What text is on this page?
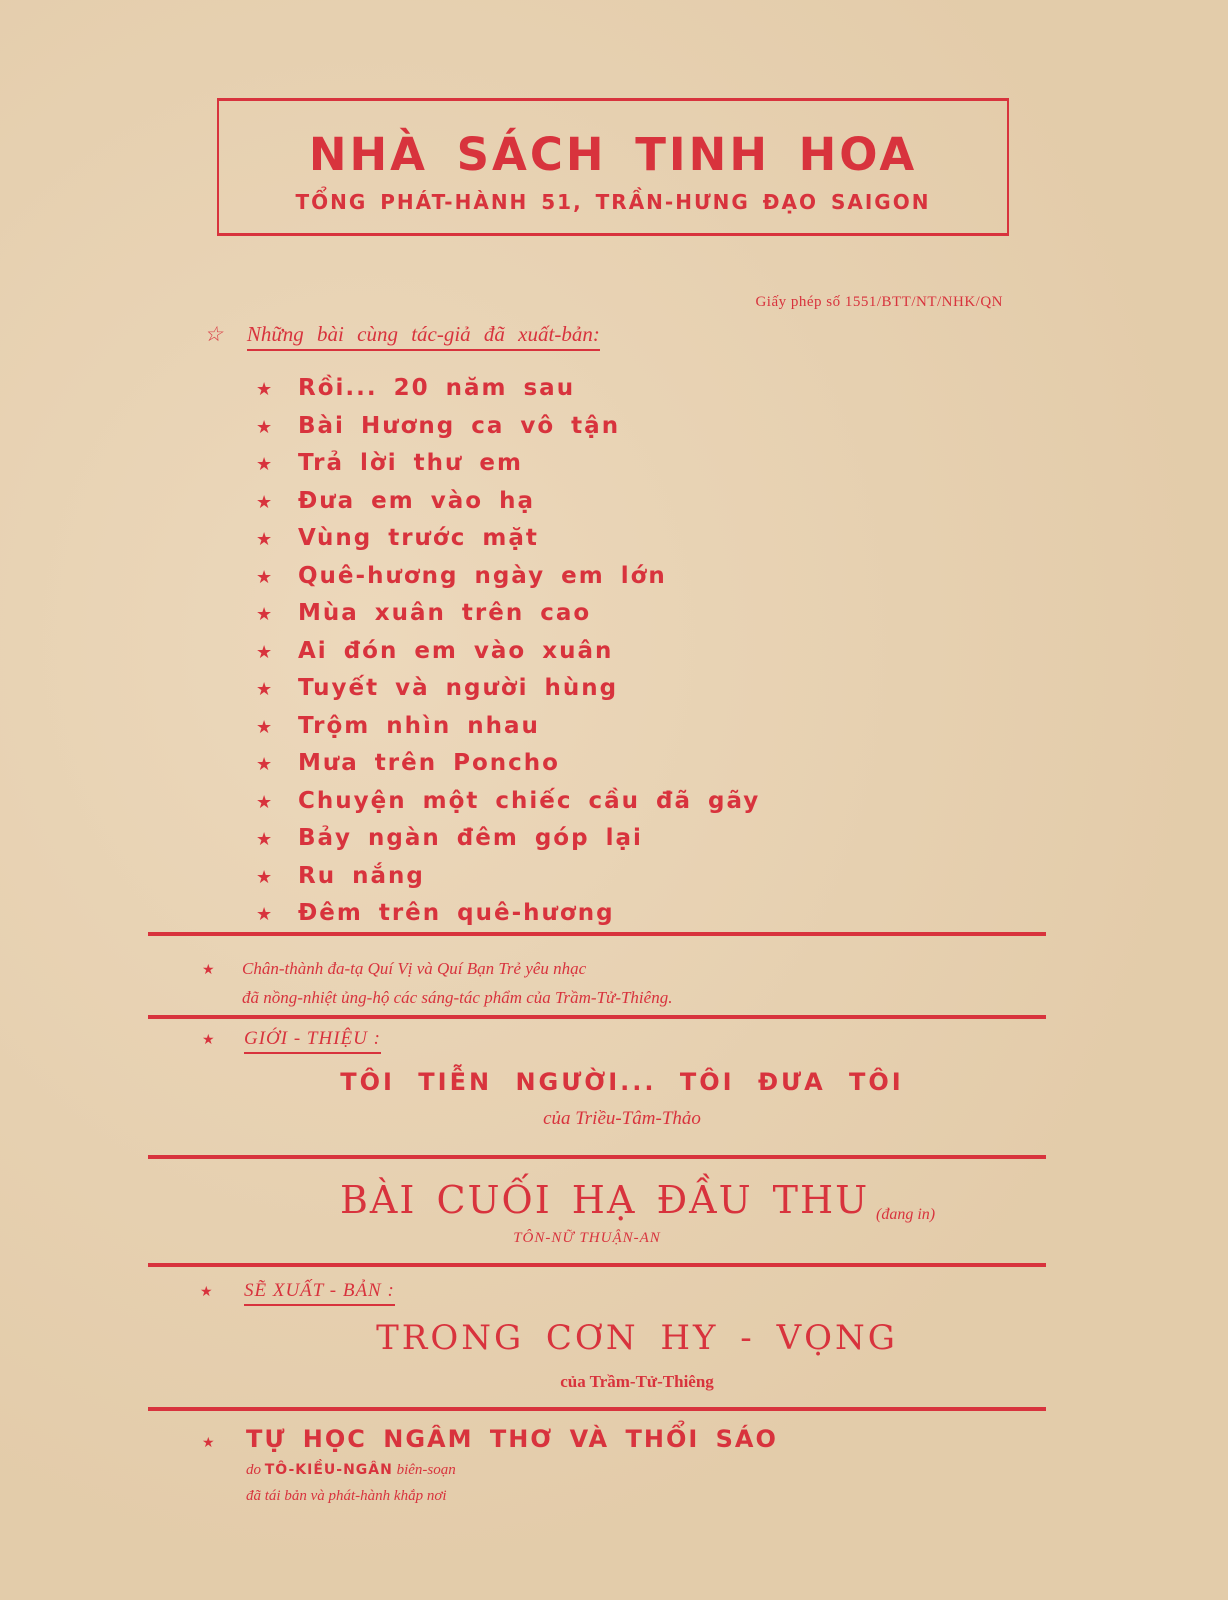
NHÀ SÁCH TINH HOA
TỔNG PHÁT-HÀNH 51, TRẦN-HƯNG ĐẠO SAIGON
Giấy phép số 1551/BTT/NT/NHK/QN
☆ Những bài cùng tác-giả đã xuất-bản:
★ Rồi... 20 năm sau
★ Bài Hương ca vô tận
★ Trả lời thư em
★ Đưa em vào hạ
★ Vùng trước mặt
★ Quê-hương ngày em lớn
★ Mùa xuân trên cao
★ Ai đón em vào xuân
★ Tuyết và người hùng
★ Trộm nhìn nhau
★ Mưa trên Poncho
★ Chuyện một chiếc cầu đã gãy
★ Bảy ngàn đêm góp lại
★ Ru nắng
★ Đêm trên quê-hương
★ Chân-thành đa-tạ Quí Vị và Quí Bạn Trẻ yêu nhạc
đã nồng-nhiệt ủng-hộ các sáng-tác phẩm của Trầm-Tử-Thiêng.
★ GIỚI - THIỆU :
TÔI TIỄN NGƯỜI... TÔI ĐƯA TÔI
của Triều-Tâm-Thảo
BÀI CUỐI HẠ ĐẦU THU (đang in)
TÔN-NỮ THUẬN-AN
★ SẼ XUẤT - BẢN :
TRONG CƠN HY - VỌNG
của Trầm-Tử-Thiêng
★ TỰ HỌC NGÂM THƠ VÀ THỔI SÁO
do TÔ-KIỀU-NGÂN biên-soạn
đã tái bản và phát-hành khắp nơi
